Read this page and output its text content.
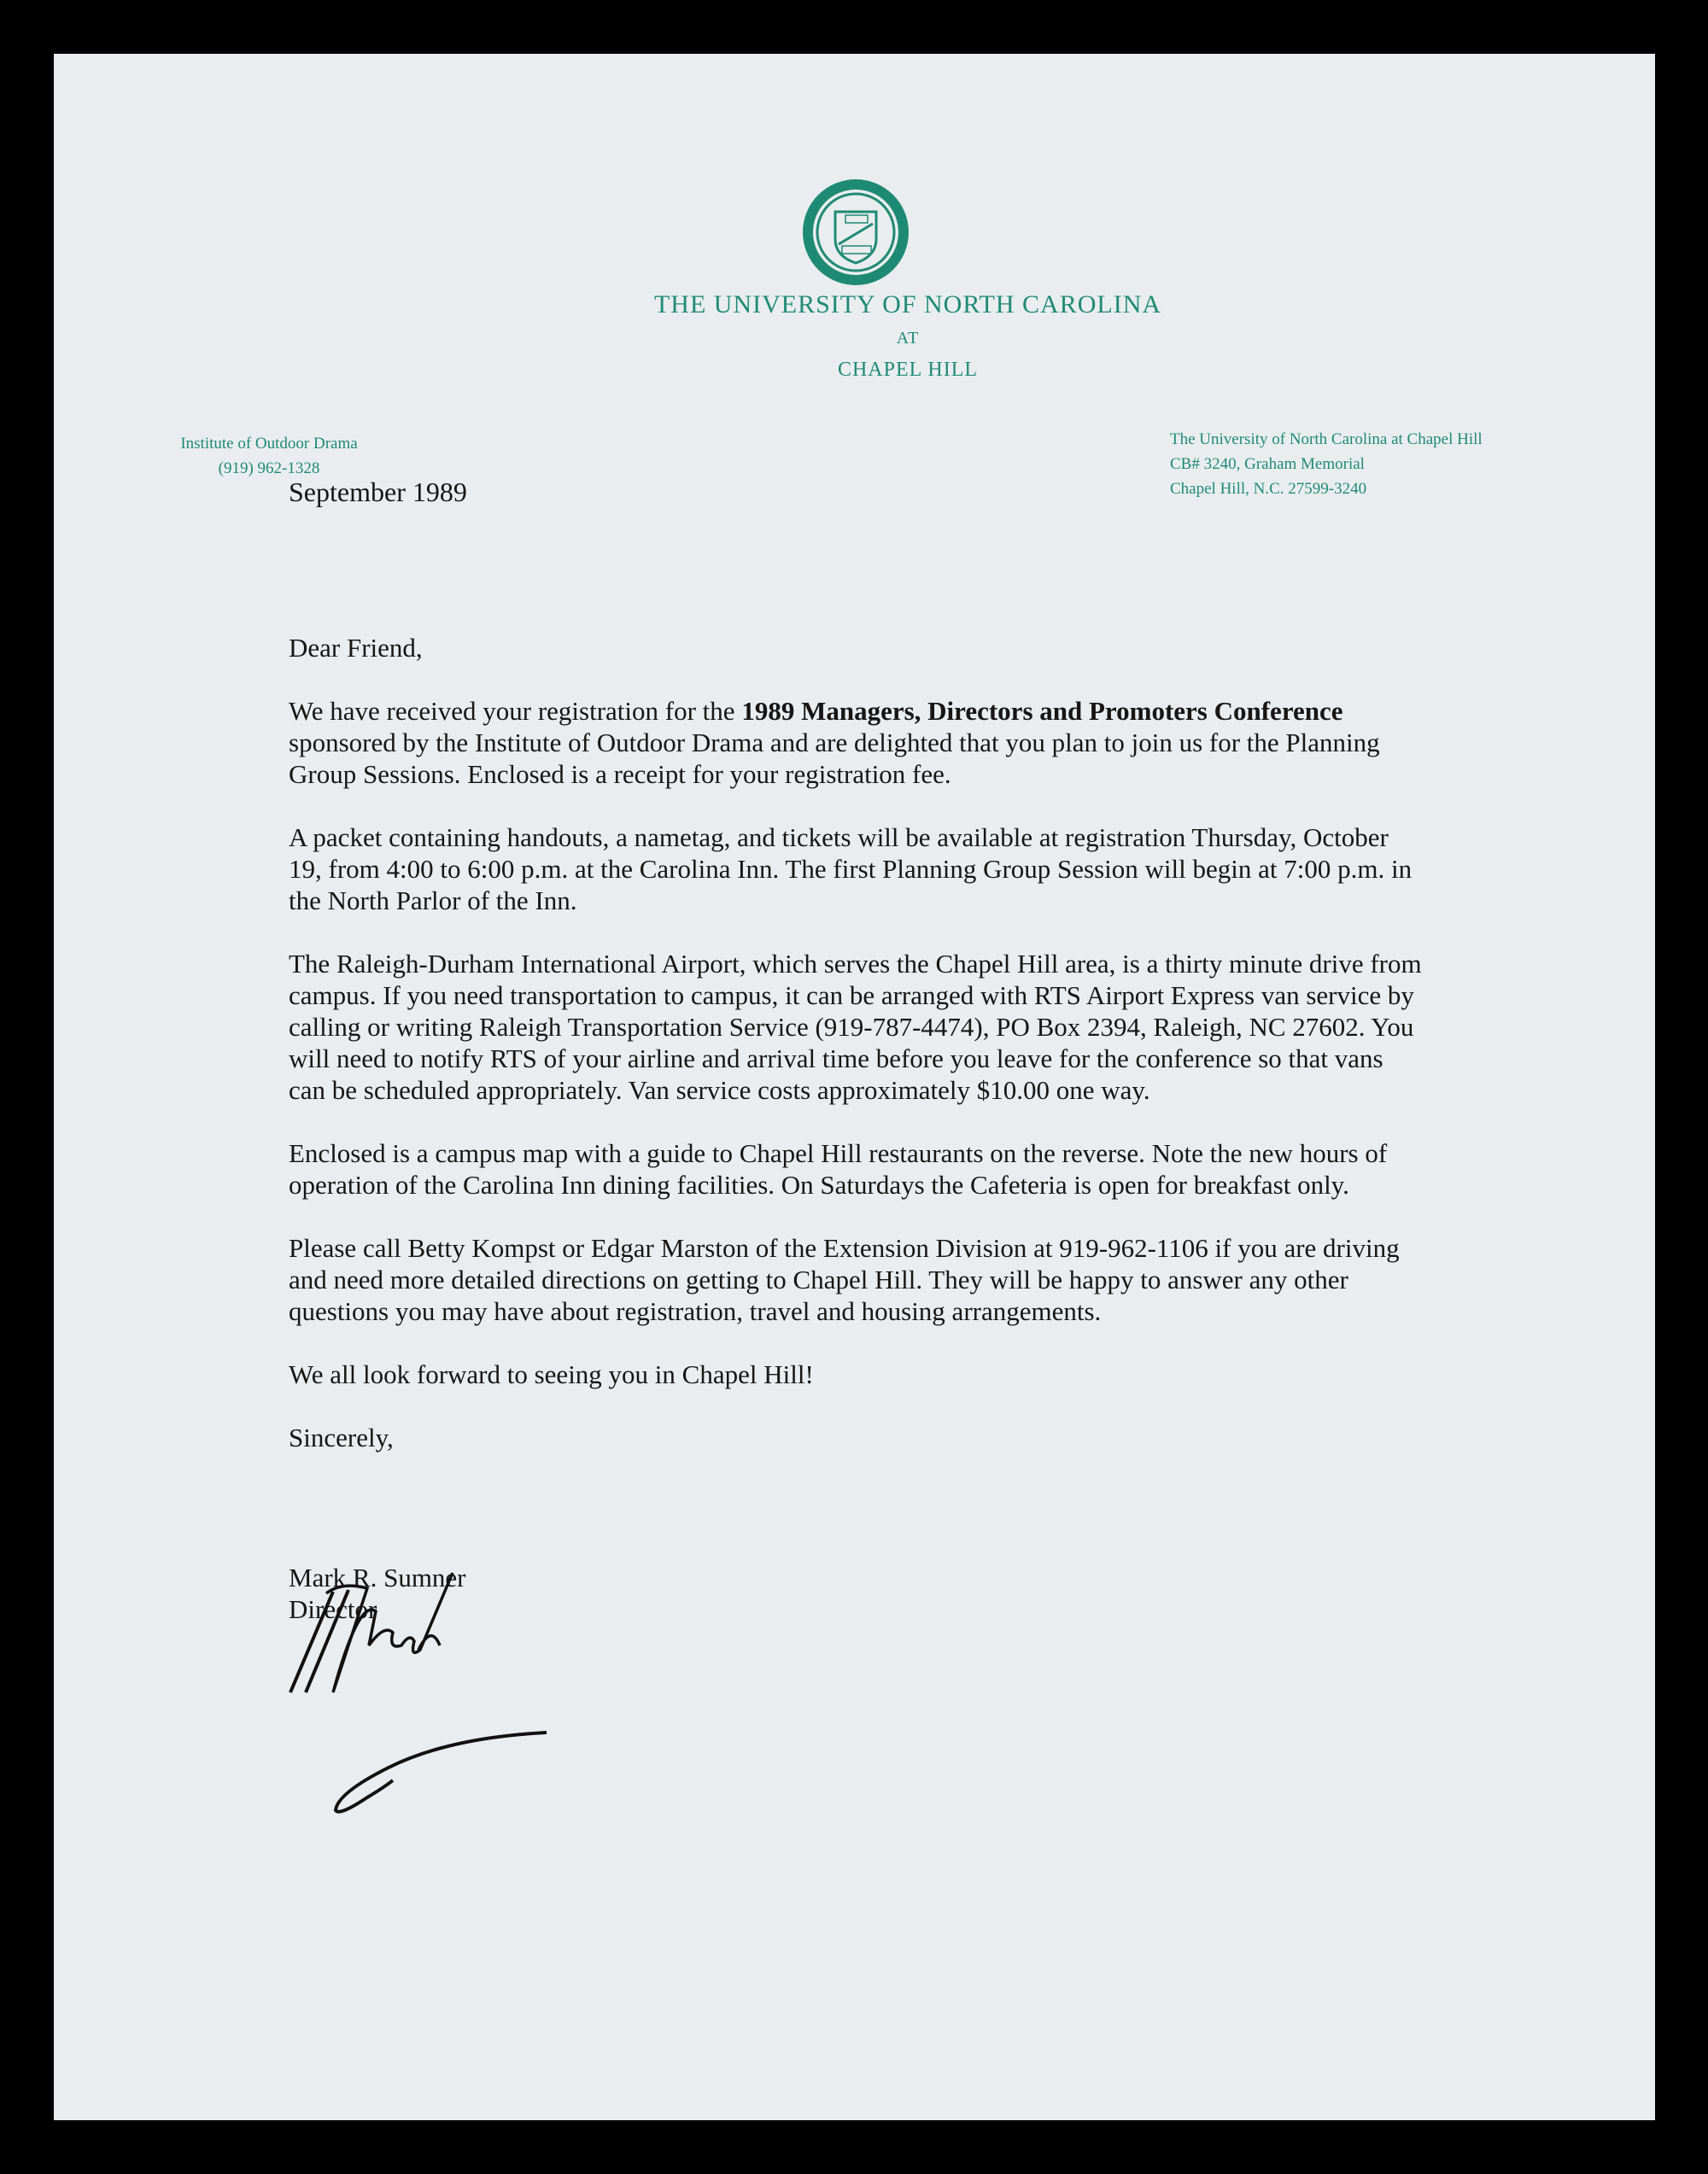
THE UNIVERSITY OF NORTH CAROLINA
AT
CHAPEL HILL
Institute of Outdoor Drama
(919) 962-1328
The University of North Carolina at Chapel Hill
CB# 3240, Graham Memorial
Chapel Hill, N.C. 27599-3240
September 1989

Dear Friend,

We have received your registration for the 1989 Managers, Directors and Promoters Conference sponsored by the Institute of Outdoor Drama and are delighted that you plan to join us for the Planning Group Sessions. Enclosed is a receipt for your registration fee.

A packet containing handouts, a nametag, and tickets will be available at registration Thursday, October 19, from 4:00 to 6:00 p.m. at the Carolina Inn. The first Planning Group Session will begin at 7:00 p.m. in the North Parlor of the Inn.

The Raleigh-Durham International Airport, which serves the Chapel Hill area, is a thirty minute drive from campus. If you need transportation to campus, it can be arranged with RTS Airport Express van service by calling or writing Raleigh Transportation Service (919-787-4474), PO Box 2394, Raleigh, NC 27602. You will need to notify RTS of your airline and arrival time before you leave for the conference so that vans can be scheduled appropriately. Van service costs approximately $10.00 one way.

Enclosed is a campus map with a guide to Chapel Hill restaurants on the reverse. Note the new hours of operation of the Carolina Inn dining facilities. On Saturdays the Cafeteria is open for breakfast only.

Please call Betty Kompst or Edgar Marston of the Extension Division at 919-962-1106 if you are driving and need more detailed directions on getting to Chapel Hill. They will be happy to answer any other questions you may have about registration, travel and housing arrangements.

We all look forward to seeing you in Chapel Hill!

Sincerely,

Mark R. Sumner
Director
